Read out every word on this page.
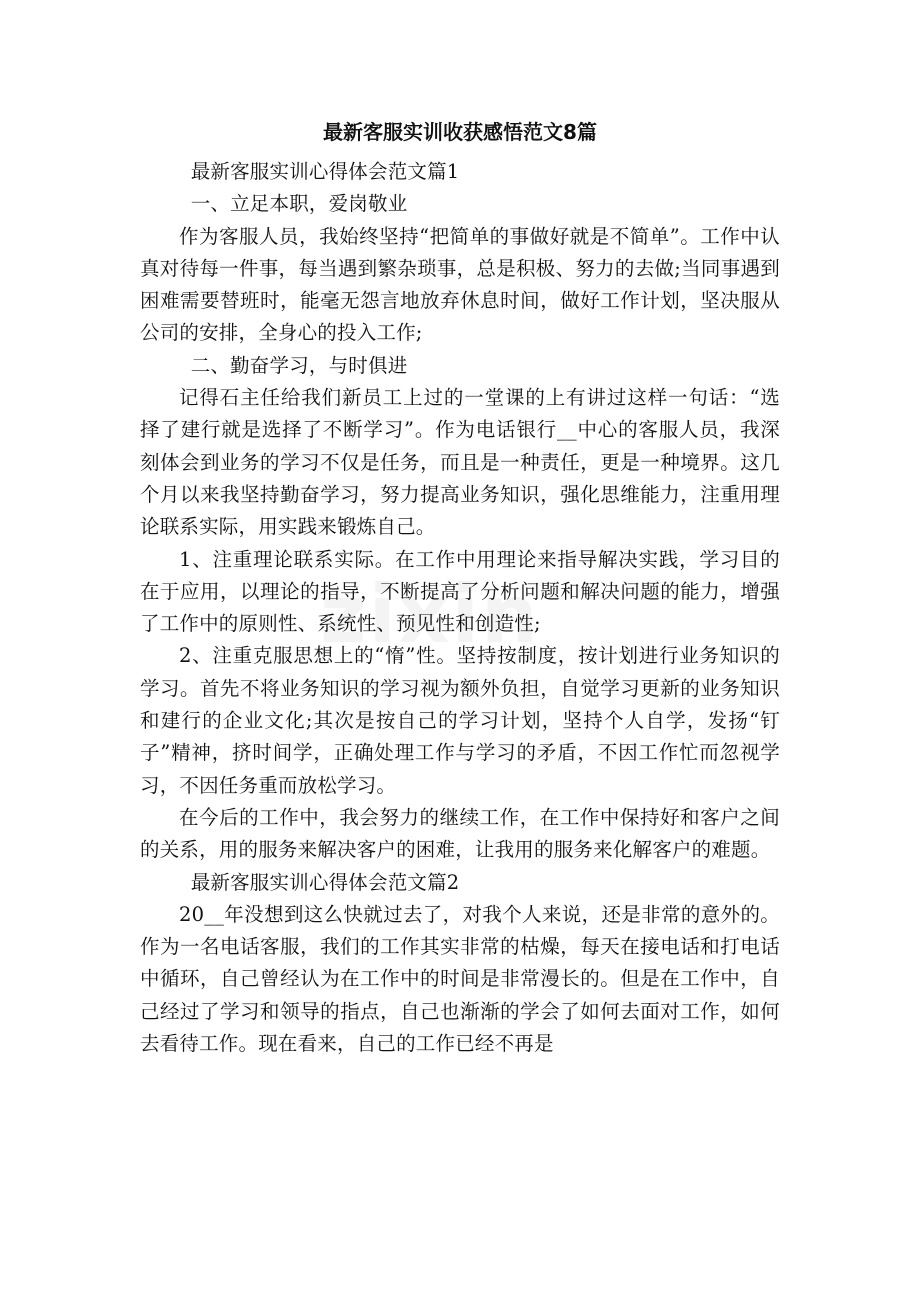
最新客服实训收获感悟范文8篇

最新客服实训心得体会范文篇1

一、立足本职，爱岗敬业

作为客服人员，我始终坚持“把简单的事做好就是不简单”。工作中认真对待每一件事，每当遇到繁杂琐事，总是积极、努力的去做;当同事遇到困难需要替班时，能毫无怨言地放弃休息时间，做好工作计划，坚决服从公司的安排，全身心的投入工作;

二、勤奋学习，与时俱进

记得石主任给我们新员工上过的一堂课的上有讲过这样一句话：“选择了建行就是选择了不断学习”。作为电话银行__中心的客服人员，我深刻体会到业务的学习不仅是任务，而且是一种责任，更是一种境界。这几个月以来我坚持勤奋学习，努力提高业务知识，强化思维能力，注重用理论联系实际，用实践来锻炼自己。

1、注重理论联系实际。在工作中用理论来指导解决实践，学习目的在于应用，以理论的指导，不断提高了分析问题和解决问题的能力，增强了工作中的原则性、系统性、预见性和创造性;

2、注重克服思想上的“惰”性。坚持按制度，按计划进行业务知识的学习。首先不将业务知识的学习视为额外负担，自觉学习更新的业务知识和建行的企业文化;其次是按自己的学习计划，坚持个人自学，发扬“钉子”精神，挤时间学，正确处理工作与学习的矛盾，不因工作忙而忽视学习，不因任务重而放松学习。

在今后的工作中，我会努力的继续工作，在工作中保持好和客户之间的关系，用的服务来解决客户的困难，让我用的服务来化解客户的难题。

最新客服实训心得体会范文篇2

20__年没想到这么快就过去了，对我个人来说，还是非常的意外的。作为一名电话客服，我们的工作其实非常的枯燥，每天在接电话和打电话中循环，自己曾经认为在工作中的时间是非常漫长的。但是在工作中，自己经过了学习和领导的指点，自己也渐渐的学会了如何去面对工作，如何去看待工作。现在看来，自己的工作已经不再是
